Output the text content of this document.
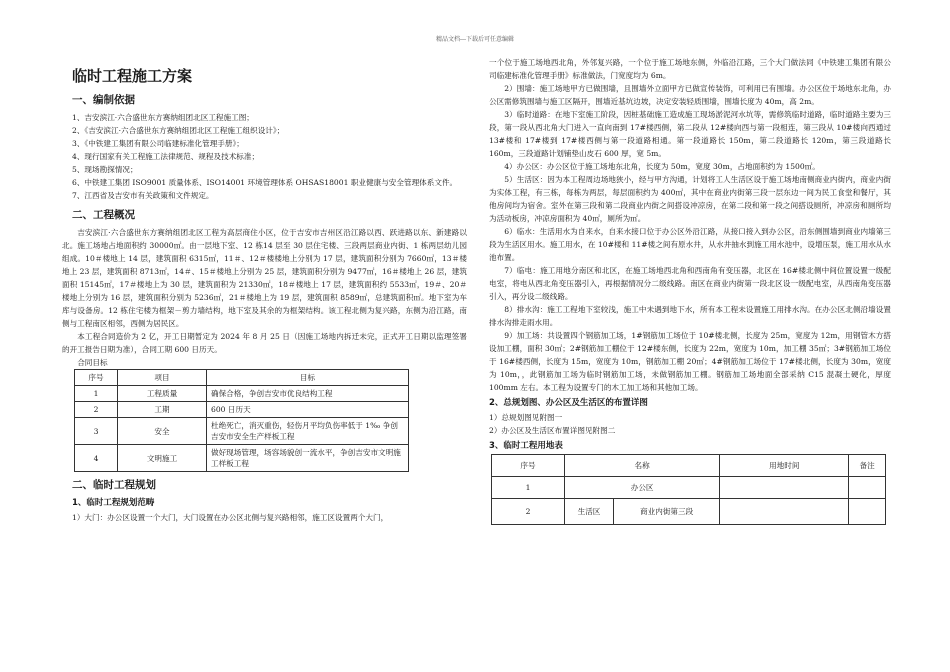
精品文档---下载后可任意编辑
临时工程施工方案
一、编制依据

1、吉安滨江·六合盛世东方赛纳组团北区工程施工图；

2、《吉安滨江·六合盛世东方赛纳组团北区工程施工组织设计》；

3、《中铁建工集团有限公司临建标准化管理手册》；

4、现行国家有关工程施工法律规范、规程及技术标准；

5、现场勘探情况；

6、中铁建工集团 ISO9001 质量体系、ISO14001 环境管理体系 OHSAS18001 职业健康与安全管理体系文件。

7、江西省及吉安市有关政策和文件规定。

二、工程概况

吉安滨江·六合盛世东方赛纳组团北区工程为高层商住小区，位于吉安市吉州区沿江路以西、跃进路以东、新建路以北。施工场地占地面积约 30000㎡。由一层地下室、12 栋14 层至 30 层住宅楼、三段两层商业内街、1 栋两层幼儿园组成。10＃楼地上 14 层，建筑面积 6315㎡，11＃、12＃楼楼地上分别为 17 层，建筑面积分别为 7660㎡，13＃楼地上 23 层，建筑面积 8713㎡，14＃、15＃楼地上分别为 25 层，建筑面积分别为 9477㎡，16＃楼地上 26 层，建筑面积 15145㎡，17＃楼地上为 30 层，建筑面积为 21330㎡，18＃楼地上 17 层，建筑面积约 5533㎡，19＃、20＃楼地上分别为 16 层，建筑面积分别为 5236㎡，21＃楼地上为 19 层，建筑面积 8589㎡，总建筑面积㎡。地下室为车库与设备房。12 栋住宅楼为框架－剪力墙结构，地下室及其余的为框架结构。该工程北侧为复兴路，东侧为沿江路，南侧与工程南区相邻，西侧为居民区。

本工程合同造价为 2 亿，开工日期暂定为 2024 年 8 月 25 日（因施工场地内拆迁未完，正式开工日期以监理签署的开工报告日期为准），合同工期 600 日历天。

合同目标

序号	项目	目标
1	工程质量	确保合格，争创吉安市优良结构工程
2	工期	600 日历天
3	安全	杜绝死亡，消灭重伤，轻伤月平均负伤率低于 1‰ 争创吉安市安全生产样板工程
4	文明施工	做好现场管理，场容场貌创一流水平，争创吉安市文明施工样板工程
二、临时工程规划
1、临时工程规划范畴

1）大门：办公区设置一个大门，大门设置在办公区北侧与复兴路相邻，施工区设置两个大门，

一个位于施工场地西北角，外邻复兴路，一个位于施工场地东侧，外临沿江路，三个大门做法同《中铁建工集团有限公司临建标准化管理手册》标准做法，门宽度均为 6m。

2）围墙：施工场地甲方已做围墙，且围墙外立面甲方已做宣传装饰，可利用已有围墙。办公区位于场地东北角，办公区需修筑围墙与施工区隔开，围墙近基坑边坡，决定安装轻质围墙，围墙长度为 40m，高 2m。

3）临时道路：在地下室施工阶段，因桩基础施工造成施工现场淤泥河水坑等，需修筑临时道路，临时道路主要为三段，第一段从西北角大门进入一直向南到 17#楼西侧，第二段从 12#楼向西与第一段相连，第三段从 10#楼向西通过 13#楼和 17#楼到 17#楼西侧与第一段道路相通。第一段道路长 150m，第二段道路长 120m，第三段道路长 160m，三段道路计划铺垫山皮石 600 厚，宽 5m。

4）办公区：办公区位于施工场地东北角，长度为 50m，宽度 30m，占地面积约为 1500㎡。

5）生活区：因为本工程周边场地狭小，经与甲方沟通，计划将工人生活区设于施工场地南侧商业内街内，商业内街为实体工程，有三栋，每栋为两层，每层面积约为 400㎡，其中在商业内街第三段一层东边一间为民工食堂和餐厅，其他房间均为宿舍。室外在第三段和第二段商业内街之间搭设冲凉房，在第二段和第一段之间搭设厕所，冲凉房和厕所均为活动板房，冲凉房面积为 40㎡，厕所为㎡。

6）临水：生活用水为自来水，自来水接口位于办公区外沿江路，从接口接入到办公区，沿东侧围墙到商业内墙第三段为生活区用水。施工用水，在 10#楼和 11#楼之间有原水井，从水井抽水到施工用水池中，设增压泵，施工用水从水池布置。

7）临电：施工用地分南区和北区，在施工场地西北角和西南角有变压器，北区在 16#楼北侧中间位置设置一级配电室，将电从西北角变压器引入，再根据情况分二级线路。南区在商业内街第一段北区设一级配电室，从西南角变压器引入，再分设二级线路。

8）排水沟：施工工程地下室较浅，施工中未遇到地下水，所有本工程未设置施工用排水沟。在办公区北侧沿墙设置排水沟排走雨水用。

9）加工场：共设置四个钢筋加工场，1#钢筋加工场位于 10#楼北侧，长度为 25m，宽度为 12m，用钢管木方搭设加工棚，面积 30㎡；2#钢筋加工棚位于 12#楼东侧，长度为 22m，宽度为 10m，加工棚 35㎡；3#钢筋加工场位于 16#楼西侧，长度为 15m，宽度为 10m，钢筋加工棚 20㎡；4#钢筋加工场位于 17#楼北侧，长度为 30m，宽度为 10m，，此钢筋加工场为临时钢筋加工场，未做钢筋加工棚。钢筋加工场地面全部采纳 C15 混凝土硬化，厚度 100mm 左右。本工程为设置专门的木工加工场和其他加工场。

2、总规划图、办公区及生活区的布置详图

1）总规划图见附图一

2）办公区及生活区布置详图见附图二

3、临时工程用地表
序号	名称		用地时间	备注
1	办公区			
2	生活区	商业内街第三段		
